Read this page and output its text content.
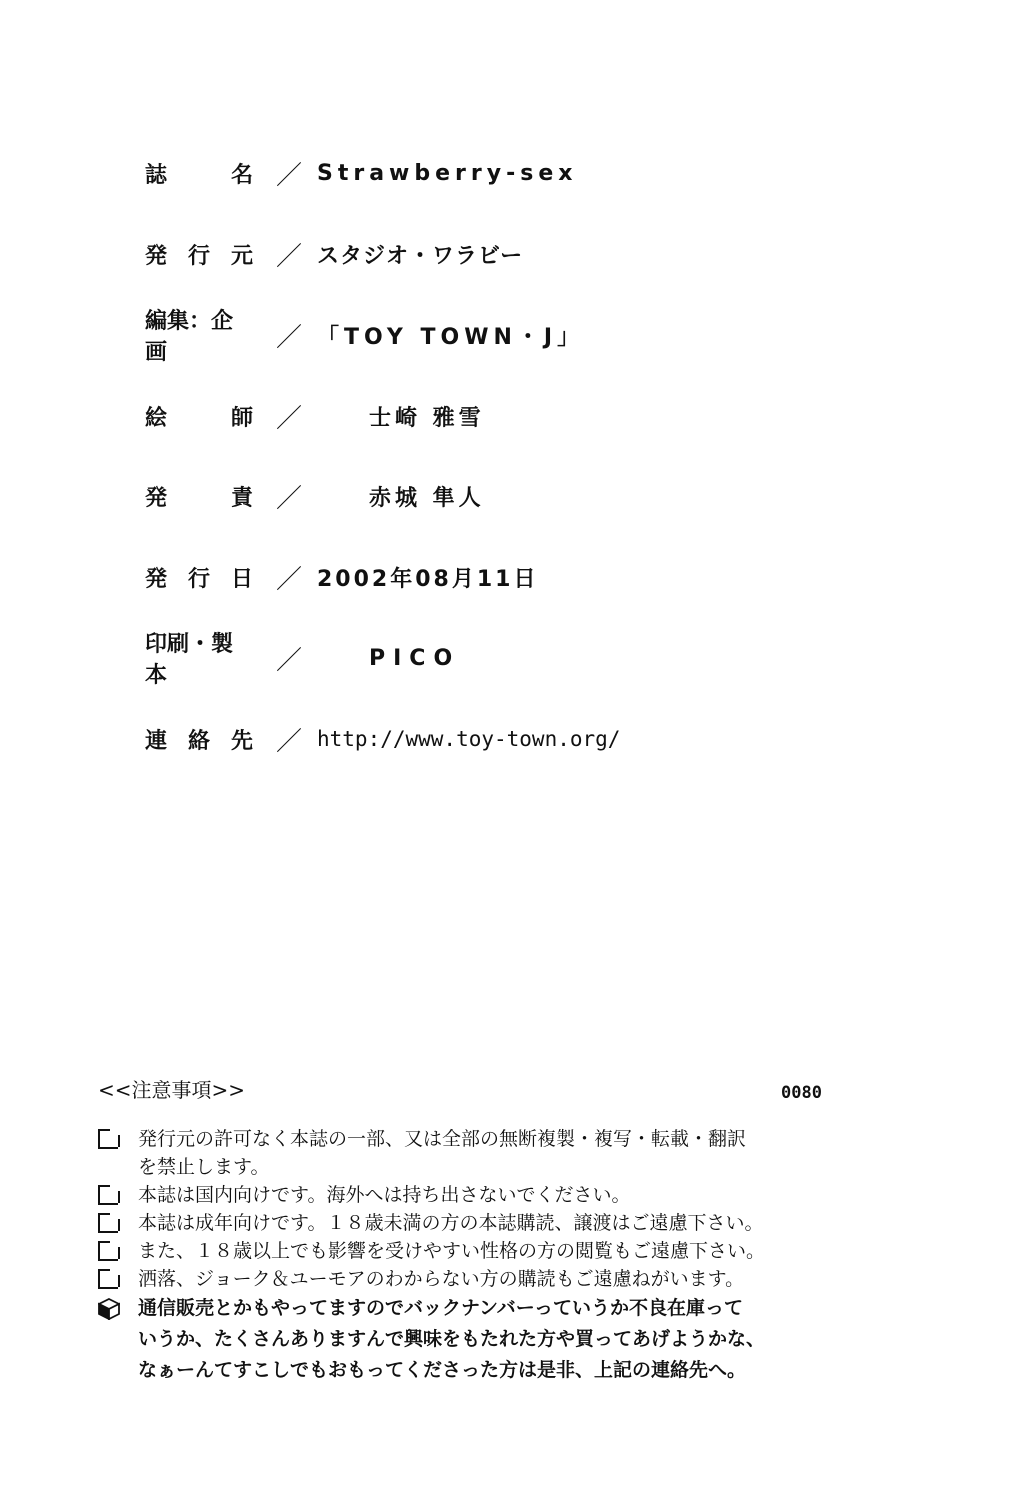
誌	名 ／ Strawberry-sex
発 行 元 ／ スタジオ・ワラビー
編集：企画	／ 「TOY TOWN・J」
絵	師 ／	士崎 雅雪
発	責 ／	赤城 隼人
発 行 日 ／ 2002年08月11日
印刷・製本	／	PICO
連 絡 先 ／ http://www.toy-town.org/
<<注意事項>>	0080
発行元の許可なく本誌の一部、又は全部の無断複製・複写・転載・翻訳
を禁止します。
本誌は国内向けです。海外へは持ち出さないでください。
本誌は成年向けです。１８歳未満の方の本誌購読、譲渡はご遠慮下さい。
また、１８歳以上でも影響を受けやすい性格の方の閲覧もご遠慮下さい。
洒落、ジョーク＆ユーモアのわからない方の購読もご遠慮ねがいます。
通信販売とかもやってますのでバックナンバーっていうか不良在庫って
いうか、たくさんありますんで興味をもたれた方や買ってあげようかな、
なぁーんてすこしでもおもってくださった方は是非、上記の連絡先へ。
